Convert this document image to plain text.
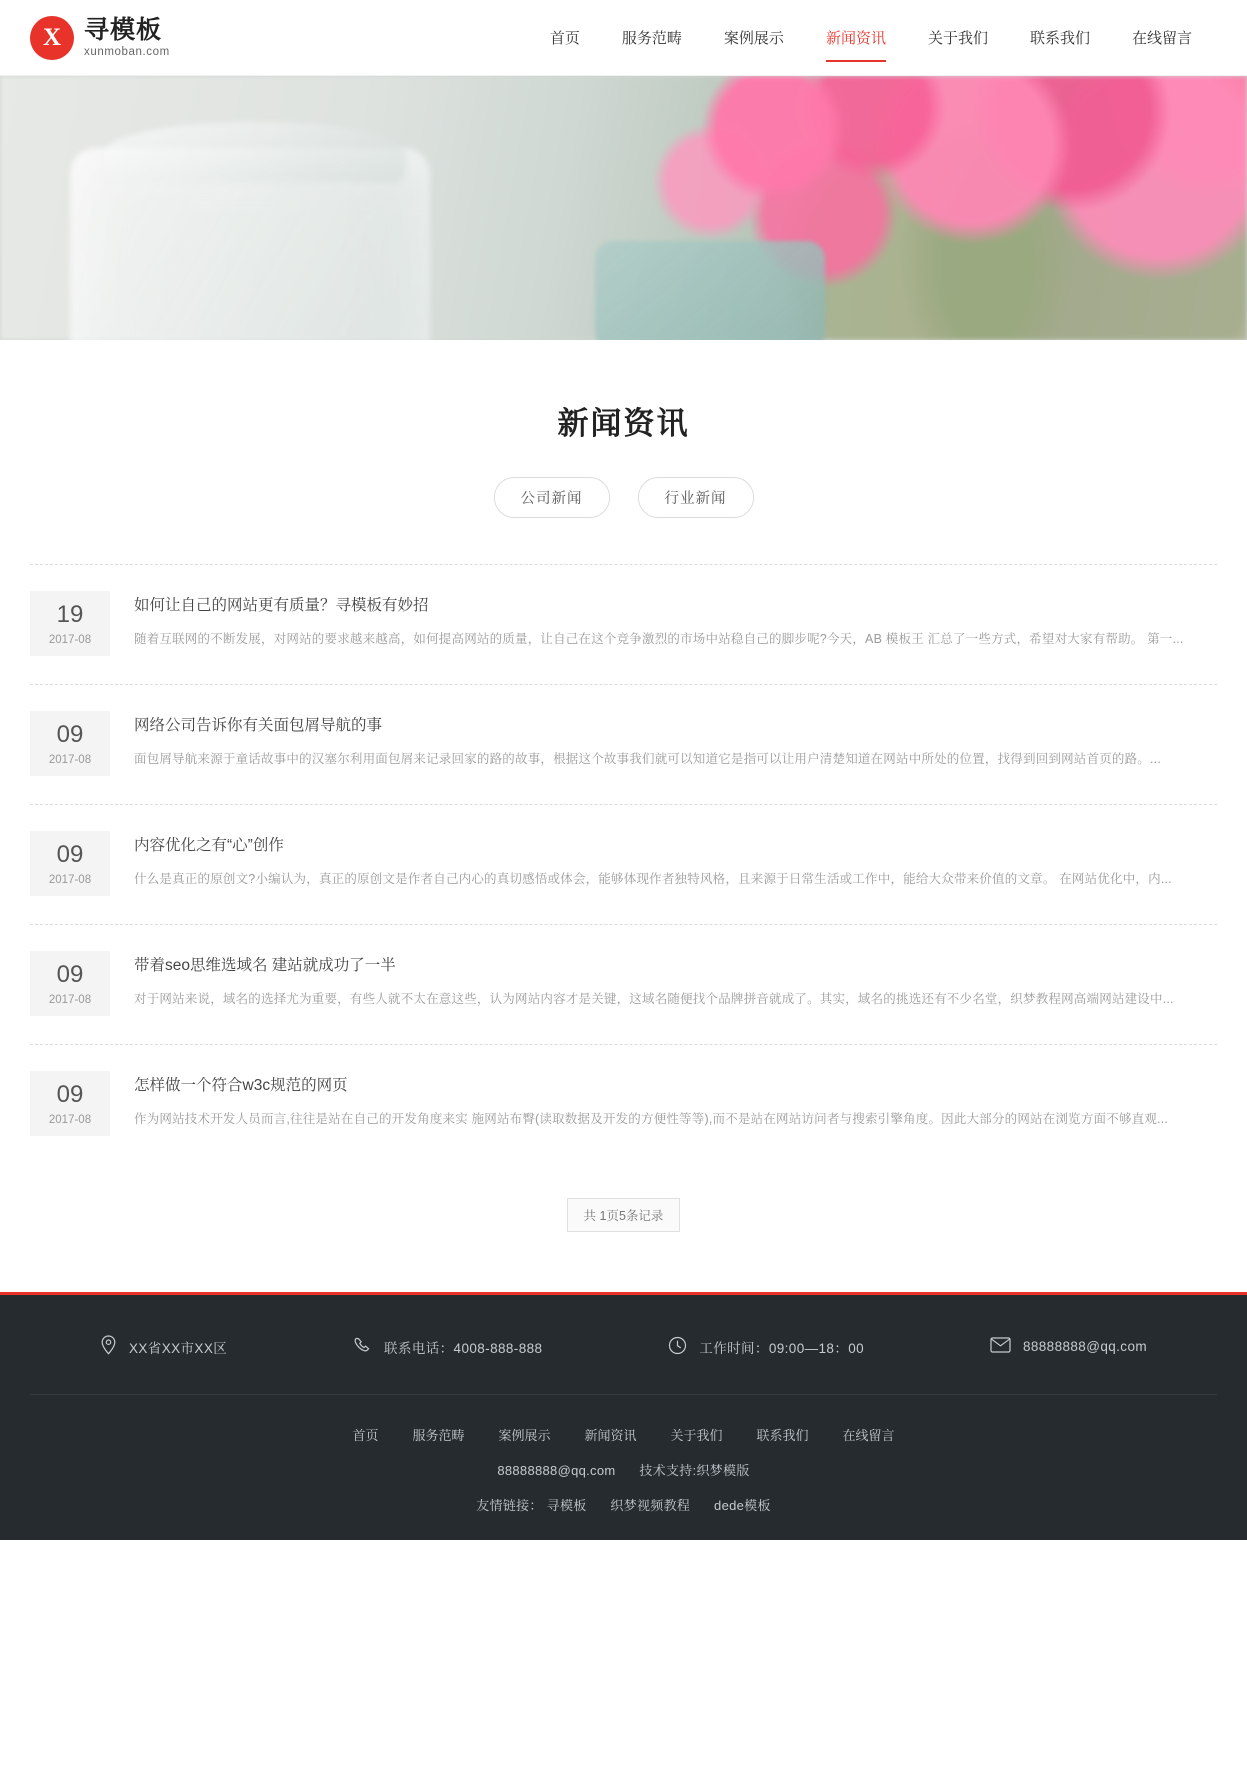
X 寻模板
xunmoban.com
首页	服务范畴	案例展示	新闻资讯	关于我们	联系我们	在线留言
新闻资讯
公司新闻	行业新闻
19
2017-08
如何让自己的网站更有质量？寻模板有妙招
随着互联网的不断发展，对网站的要求越来越高，如何提高网站的质量，让自己在这个竞争激烈的市场中站稳自己的脚步呢?今天，AB 模板王 汇总了一些方式，希望对大家有帮助。 第一...
09
2017-08
网络公司告诉你有关面包屑导航的事
面包屑导航来源于童话故事中的汉塞尔利用面包屑来记录回家的路的故事，根据这个故事我们就可以知道它是指可以让用户清楚知道在网站中所处的位置，找得到回到网站首页的路。...
09
2017-08
内容优化之有“心”创作
什么是真正的原创文?小编认为，真正的原创文是作者自己内心的真切感悟或体会，能够体现作者独特风格，且来源于日常生活或工作中，能给大众带来价值的文章。 在网站优化中，内...
09
2017-08
带着seo思维选域名 建站就成功了一半
对于网站来说，域名的选择尤为重要，有些人就不太在意这些，认为网站内容才是关键，这域名随便找个品牌拼音就成了。其实，域名的挑选还有不少名堂，织梦教程网高端网站建设中...
09
2017-08
怎样做一个符合w3c规范的网页
作为网站技术开发人员而言,往往是站在自己的开发角度来实 施网站布臀(读取数据及开发的方便性等等),而不是站在网站访问者与搜索引擎角度。因此大部分的网站在浏览方面不够直观...
共 1页5条记录
XX省XX市XX区	联系电话：4008-888-888	工作时间：09:00—18：00	88888888@qq.com
首页	服务范畴	案例展示	新闻资讯	关于我们	联系我们	在线留言
88888888@qq.com 技术支持:织梦模版
友情链接： 寻模板 织梦视频教程 dede模板
